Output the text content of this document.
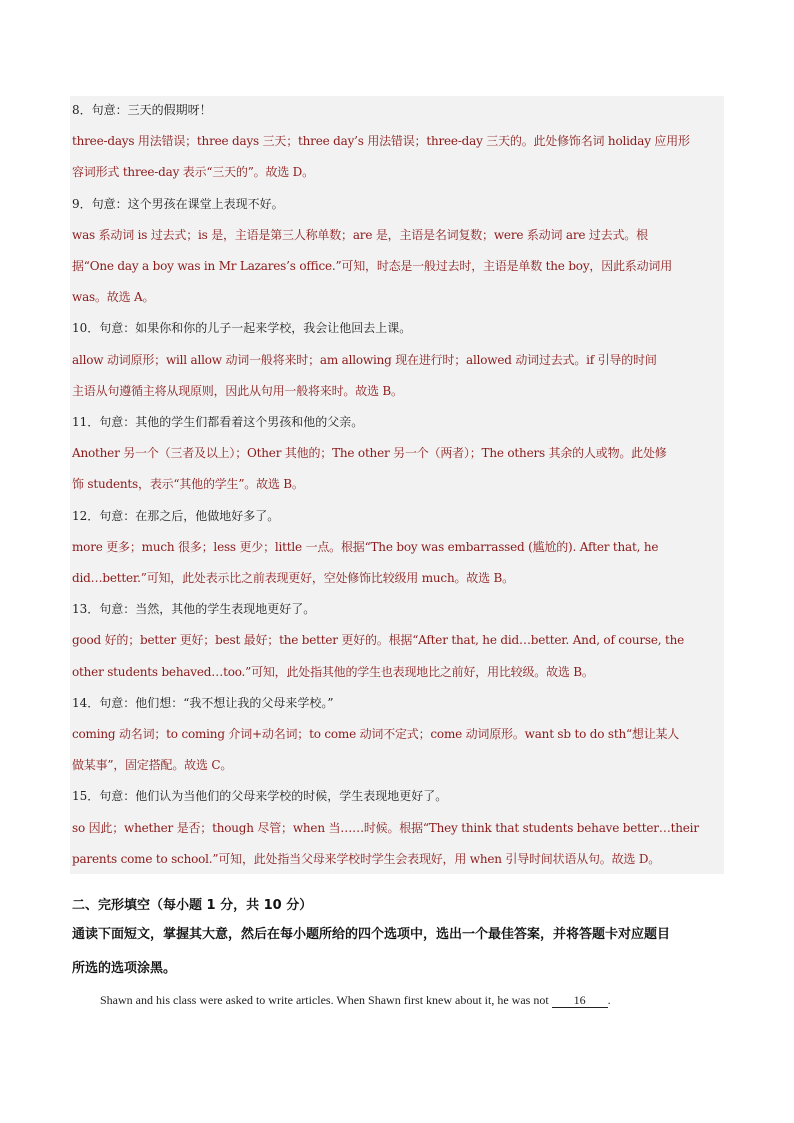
8．句意：三天的假期呀！
three-days 用法错误；three days 三天；three day’s 用法错误；three-day 三天的。此处修饰名词 holiday 应用形
容词形式 three-day 表示“三天的”。故选 D。
9．句意：这个男孩在课堂上表现不好。
was 系动词 is 过去式；is 是，主语是第三人称单数；are 是，主语是名词复数；were 系动词 are 过去式。根
据“One day a boy was in Mr Lazares’s office.”可知，时态是一般过去时，主语是单数 the boy，因此系动词用
was。故选 A。
10．句意：如果你和你的儿子一起来学校，我会让他回去上课。
allow 动词原形；will allow 动词一般将来时；am allowing 现在进行时；allowed 动词过去式。if 引导的时间
主语从句遵循主将从现原则，因此从句用一般将来时。故选 B。
11．句意：其他的学生们都看着这个男孩和他的父亲。
Another 另一个（三者及以上）；Other 其他的；The other 另一个（两者）；The others 其余的人或物。此处修
饰 students，表示“其他的学生”。故选 B。
12．句意：在那之后，他做地好多了。
more 更多；much 很多；less 更少；little 一点。根据“The boy was embarrassed (尴尬的). After that, he
did…better.”可知，此处表示比之前表现更好，空处修饰比较级用 much。故选 B。
13．句意：当然，其他的学生表现地更好了。
good 好的；better 更好；best 最好；the better 更好的。根据“After that, he did…better. And, of course, the
other students behaved…too.”可知，此处指其他的学生也表现地比之前好，用比较级。故选 B。
14．句意：他们想：“我不想让我的父母来学校。”
coming 动名词；to coming 介词+动名词；to come 动词不定式；come 动词原形。want sb to do sth“想让某人
做某事”，固定搭配。故选 C。
15．句意：他们认为当他们的父母来学校的时候，学生表现地更好了。
so 因此；whether 是否；though 尽管；when 当……时候。根据“They think that students behave better…their
parents come to school.”可知，此处指当父母来学校时学生会表现好，用 when 引导时间状语从句。故选 D。
二、完形填空（每小题 1 分，共 10 分）
通读下面短文，掌握其大意，然后在每小题所给的四个选项中，选出一个最佳答案，并将答题卡对应题目
所选的选项涂黑。
Shawn and his class were asked to write articles. When Shawn first knew about it, he was not 16 .
